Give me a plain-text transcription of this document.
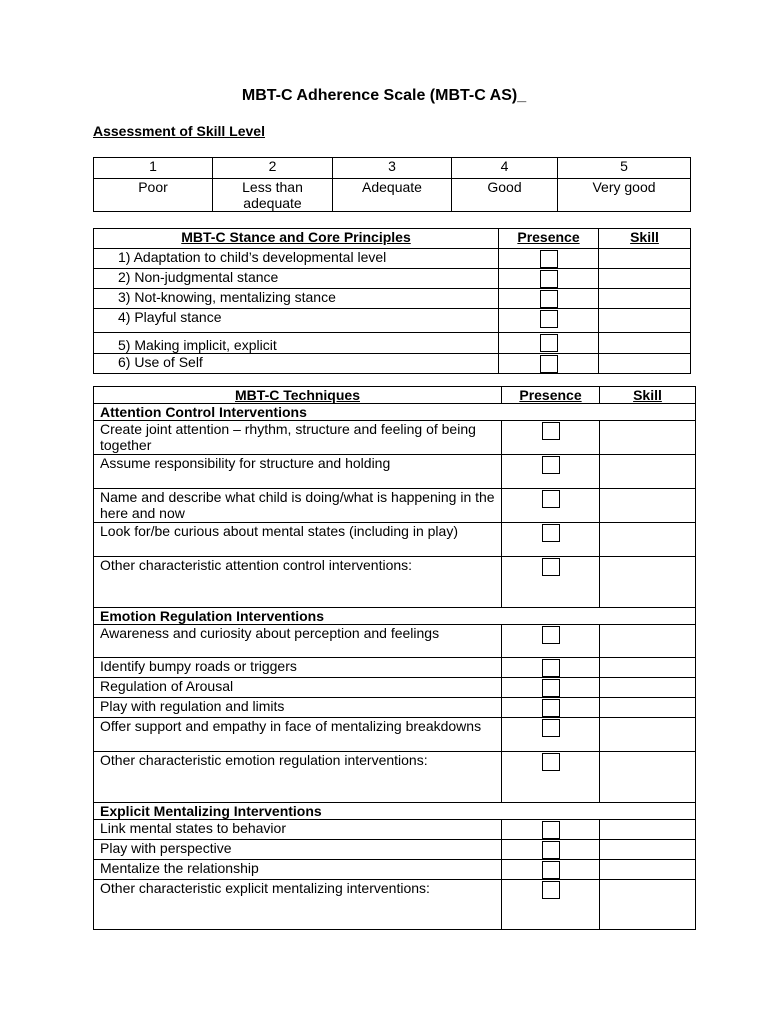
MBT-C Adherence Scale (MBT-C AS)_
Assessment of Skill Level
1	2	3	4	5
Poor	Less than adequate	Adequate	Good	Very good
MBT-C Stance and Core Principles	Presence	Skill
1) Adaptation to child’s developmental level	

2) Non-judgmental stance	

3) Not-knowing, mentalizing stance	

4) Playful stance	

5) Making implicit, explicit	

6) Use of Self	

MBT-C Techniques	Presence	Skill
Attention Control Interventions		
Create joint attention – rhythm, structure and feeling of being together	

Assume responsibility for structure and holding	

Name and describe what child is doing/what is happening in the here and now	

Look for/be curious about mental states (including in play)	

Other characteristic attention control interventions:	

Emotion Regulation Interventions		
Awareness and curiosity about perception and feelings	

Identify bumpy roads or triggers	

Regulation of Arousal	

Play with regulation and limits	

Offer support and empathy in face of mentalizing breakdowns	

Other characteristic emotion regulation interventions:	

Explicit Mentalizing Interventions		
Link mental states to behavior	

Play with perspective	

Mentalize the relationship	

Other characteristic explicit mentalizing interventions:	
